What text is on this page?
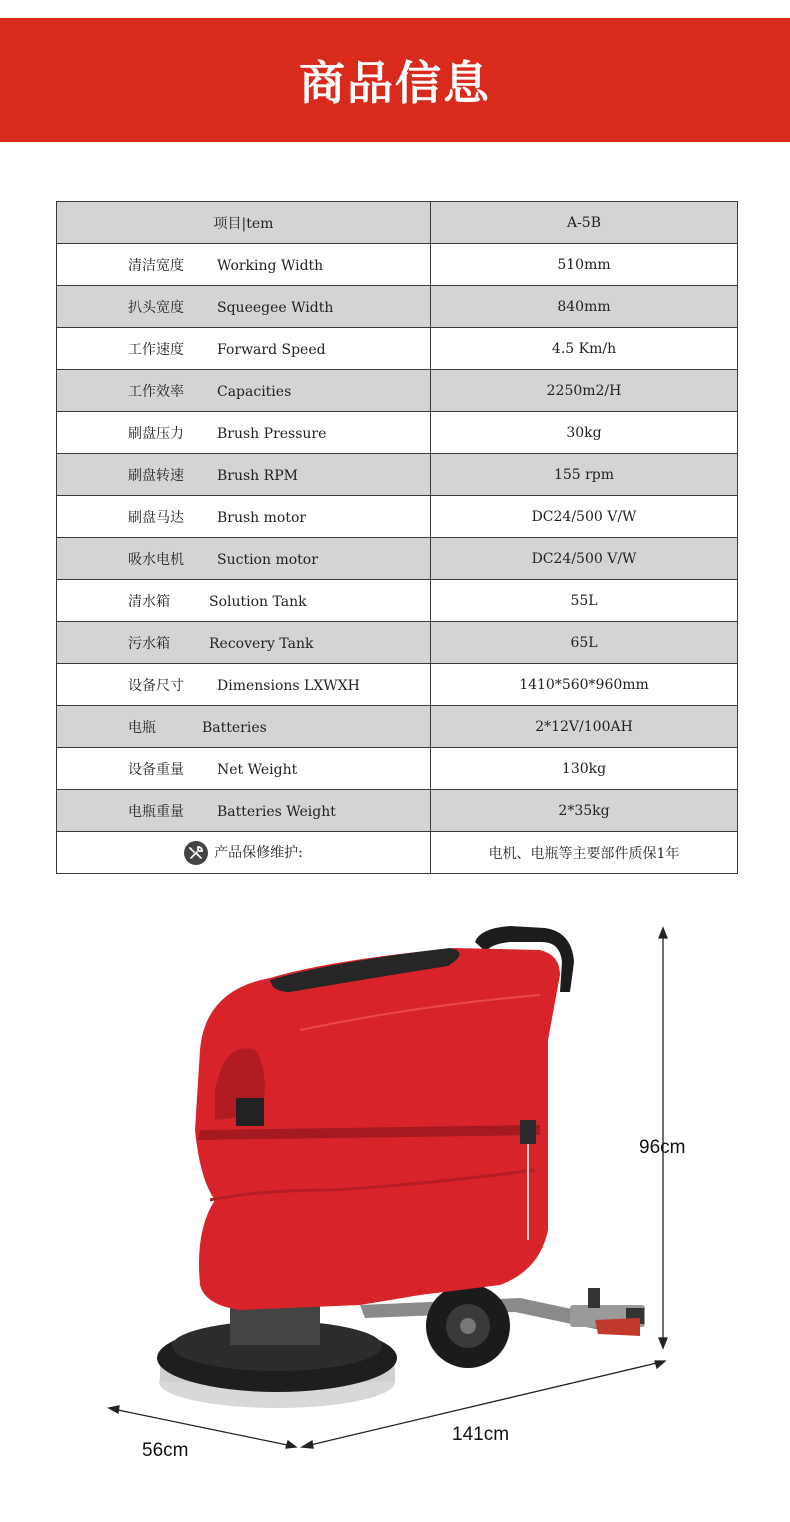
商品信息
项目|tem	A-5B
清洁宽度 Working Width	510mm
扒头宽度 Squeegee Width	840mm
工作速度 Forward Speed	4.5 Km/h
工作效率 Capacities	2250m2/H
刷盘压力 Brush Pressure	30kg
刷盘转速 Brush RPM	155 rpm
刷盘马达 Brush motor	DC24/500 V/W
吸水电机 Suction motor	DC24/500 V/W
清水箱 Solution Tank	55L
污水箱 Recovery Tank	65L
设备尺寸 Dimensions LXWXH	1410*560*960mm
电瓶 Batteries	2*12V/100AH
设备重量 Net Weight	130kg
电瓶重量 Batteries Weight	2*35kg

产品保修维护:	电机、电瓶等主要部件质保1年
96cm
141cm
56cm
